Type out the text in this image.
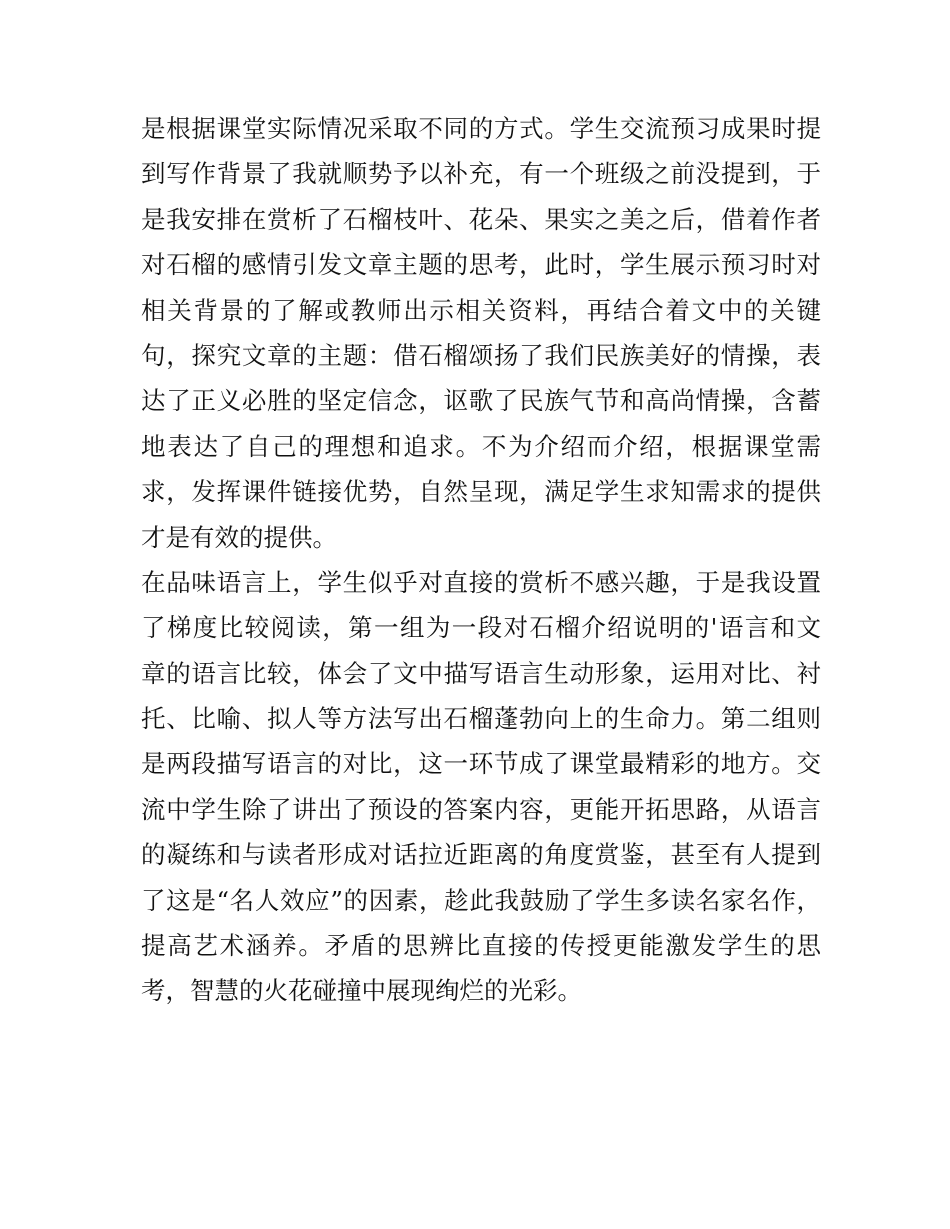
是根据课堂实际情况采取不同的方式。学生交流预习成果时提
到写作背景了我就顺势予以补充，有一个班级之前没提到，于
是我安排在赏析了石榴枝叶、花朵、果实之美之后，借着作者
对石榴的感情引发文章主题的思考，此时，学生展示预习时对
相关背景的了解或教师出示相关资料，再结合着文中的关键
句，探究文章的主题：借石榴颂扬了我们民族美好的情操，表
达了正义必胜的坚定信念，讴歌了民族气节和高尚情操，含蓄
地表达了自己的理想和追求。不为介绍而介绍，根据课堂需
求，发挥课件链接优势，自然呈现，满足学生求知需求的提供
才是有效的提供。
在品味语言上，学生似乎对直接的赏析不感兴趣，于是我设置
了梯度比较阅读，第一组为一段对石榴介绍说明的'语言和文
章的语言比较，体会了文中描写语言生动形象，运用对比、衬
托、比喻、拟人等方法写出石榴蓬勃向上的生命力。第二组则
是两段描写语言的对比，这一环节成了课堂最精彩的地方。交
流中学生除了讲出了预设的答案内容，更能开拓思路，从语言
的凝练和与读者形成对话拉近距离的角度赏鉴，甚至有人提到
了这是“名人效应”的因素，趁此我鼓励了学生多读名家名作，
提高艺术涵养。矛盾的思辨比直接的传授更能激发学生的思
考，智慧的火花碰撞中展现绚烂的光彩。
